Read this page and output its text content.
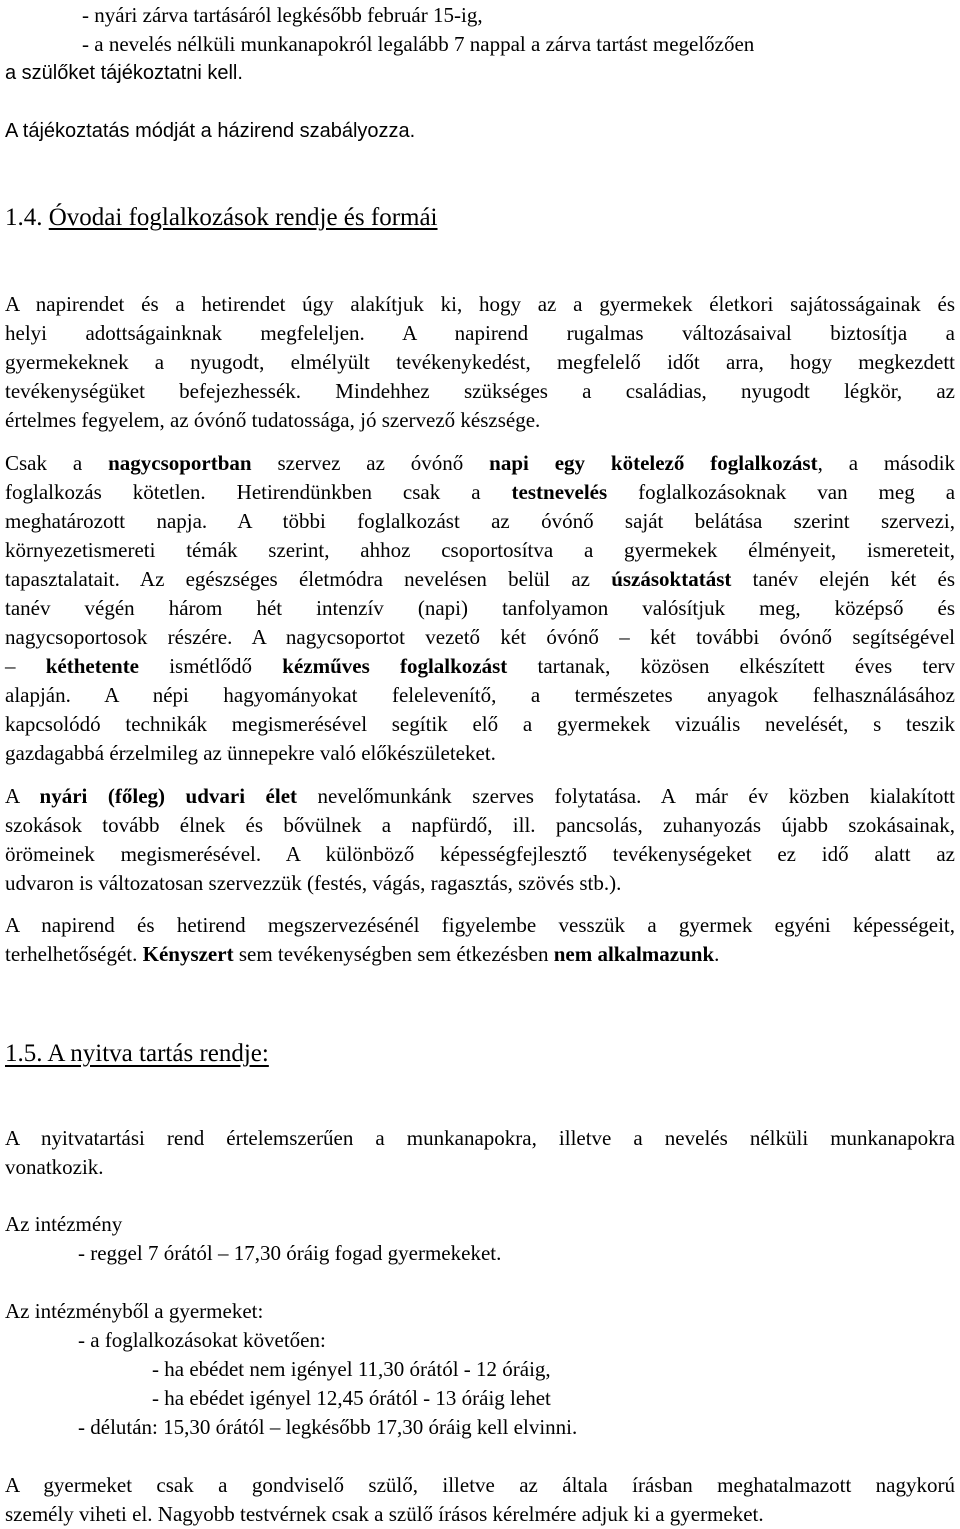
- nyári zárva tartásáról legkésőbb február 15-ig,
- a nevelés nélküli munkanapokról legalább 7 nappal a zárva tartást megelőzően
a szülőket tájékoztatni kell.
A tájékoztatás módját a házirend szabályozza.
1.4. Óvodai foglalkozások rendje és formái
A napirendet és a hetirendet úgy alakítjuk ki, hogy az a gyermekek életkori sajátosságainak és
helyi adottságainknak megfeleljen. A napirend rugalmas változásaival biztosítja a
gyermekeknek a nyugodt, elmélyült tevékenykedést, megfelelő időt arra, hogy megkezdett
tevékenységüket befejezhessék. Mindehhez szükséges a családias, nyugodt légkör, az
értelmes fegyelem, az óvónő tudatossága, jó szervező készsége.
Csak a nagycsoportban szervez az óvónő napi egy kötelező foglalkozást, a második
foglalkozás kötetlen. Hetirendünkben csak a testnevelés foglalkozásoknak van meg a
meghatározott napja. A többi foglalkozást az óvónő saját belátása szerint szervezi,
környezetismereti témák szerint, ahhoz csoportosítva a gyermekek élményeit, ismereteit,
tapasztalatait. Az egészséges életmódra nevelésen belül az úszásoktatást tanév elején két és
tanév végén három hét intenzív (napi) tanfolyamon valósítjuk meg, középső és
nagycsoportosok részére. A nagycsoportot vezető két óvónő – két további óvónő segítségével
– kéthetente ismétlődő kézműves foglalkozást tartanak, közösen elkészített éves terv
alapján. A népi hagyományokat felelevenítő, a természetes anyagok felhasználásához
kapcsolódó technikák megismerésével segítik elő a gyermekek vizuális nevelését, s teszik
gazdagabbá érzelmileg az ünnepekre való előkészületeket.
A nyári (főleg) udvari élet nevelőmunkánk szerves folytatása. A már év közben kialakított
szokások tovább élnek és bővülnek a napfürdő, ill. pancsolás, zuhanyozás újabb szokásainak,
örömeinek megismerésével. A különböző képességfejlesztő tevékenységeket ez idő alatt az
udvaron is változatosan szervezzük (festés, vágás, ragasztás, szövés stb.).
A napirend és hetirend megszervezésénél figyelembe vesszük a gyermek egyéni képességeit,
terhelhetőségét. Kényszert sem tevékenységben sem étkezésben nem alkalmazunk.
1.5. A nyitva tartás rendje:
A nyitvatartási rend értelemszerűen a munkanapokra, illetve a nevelés nélküli munkanapokra
vonatkozik.
Az intézmény
- reggel 7 órától – 17,30 óráig fogad gyermekeket.
Az intézményből a gyermeket:
- a foglalkozásokat követően:
- ha ebédet nem igényel 11,30 órától - 12 óráig,
- ha ebédet igényel 12,45 órától - 13 óráig lehet
- délután: 15,30 órától – legkésőbb 17,30 óráig kell elvinni.
A gyermeket csak a gondviselő szülő, illetve az általa írásban meghatalmazott nagykorú
személy viheti el. Nagyobb testvérnek csak a szülő írásos kérelmére adjuk ki a gyermeket.
